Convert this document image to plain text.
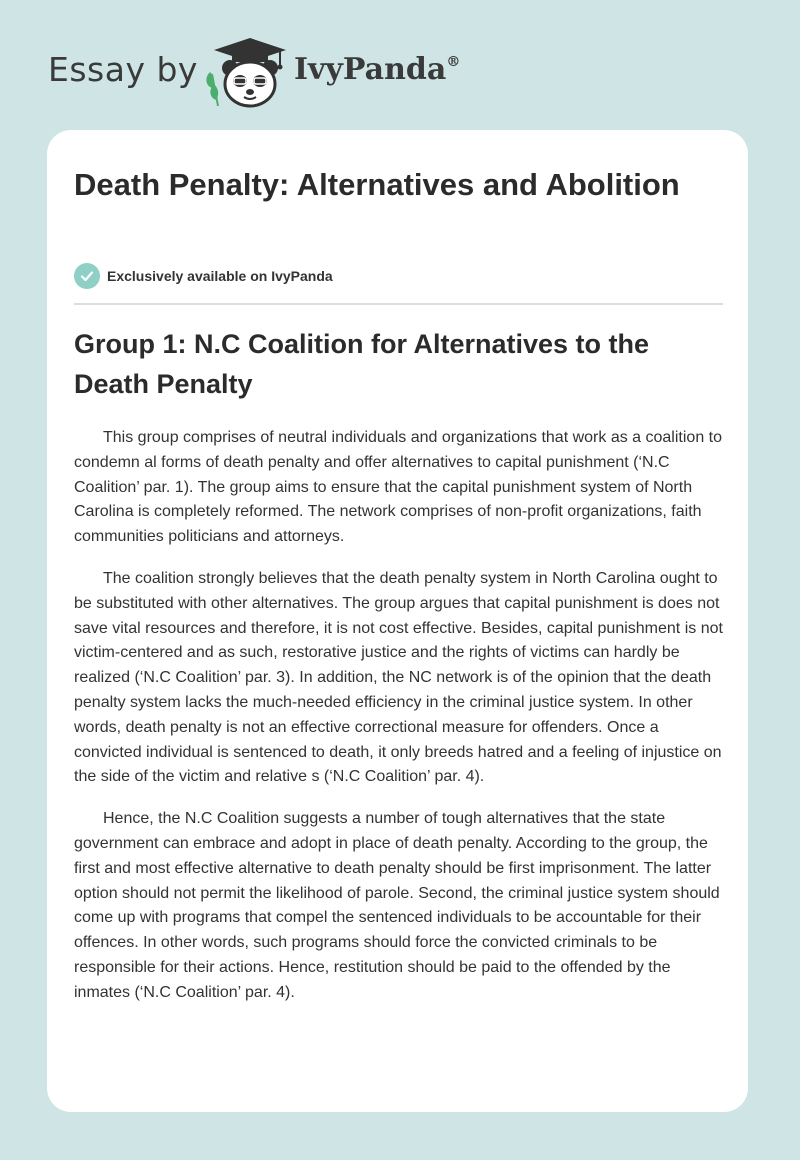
Essay by	IvyPanda®
Death Penalty: Alternatives and Abolition
Exclusively available on IvyPanda
Group 1: N.C Coalition for Alternatives to the Death Penalty

This group comprises of neutral individuals and organizations that work as a coalition to condemn al forms of death penalty and offer alternatives to capital punishment (‘N.C Coalition’ par. 1). The group aims to ensure that the capital punishment system of North Carolina is completely reformed. The network comprises of non-profit organizations, faith communities politicians and attorneys.

The coalition strongly believes that the death penalty system in North Carolina ought to be substituted with other alternatives. The group argues that capital punishment is does not save vital resources and therefore, it is not cost effective. Besides, capital punishment is not victim-centered and as such, restorative justice and the rights of victims can hardly be realized (‘N.C Coalition’ par. 3). In addition, the NC network is of the opinion that the death penalty system lacks the much-needed efficiency in the criminal justice system. In other words, death penalty is not an effective correctional measure for offenders. Once a convicted individual is sentenced to death, it only breeds hatred and a feeling of injustice on the side of the victim and relative s (‘N.C Coalition’ par. 4).

Hence, the N.C Coalition suggests a number of tough alternatives that the state government can embrace and adopt in place of death penalty. According to the group, the first and most effective alternative to death penalty should be first imprisonment. The latter option should not permit the likelihood of parole. Second, the criminal justice system should come up with programs that compel the sentenced individuals to be accountable for their offences. In other words, such programs should force the convicted criminals to be responsible for their actions. Hence, restitution should be paid to the offended by the inmates (‘N.C Coalition’ par. 4).
